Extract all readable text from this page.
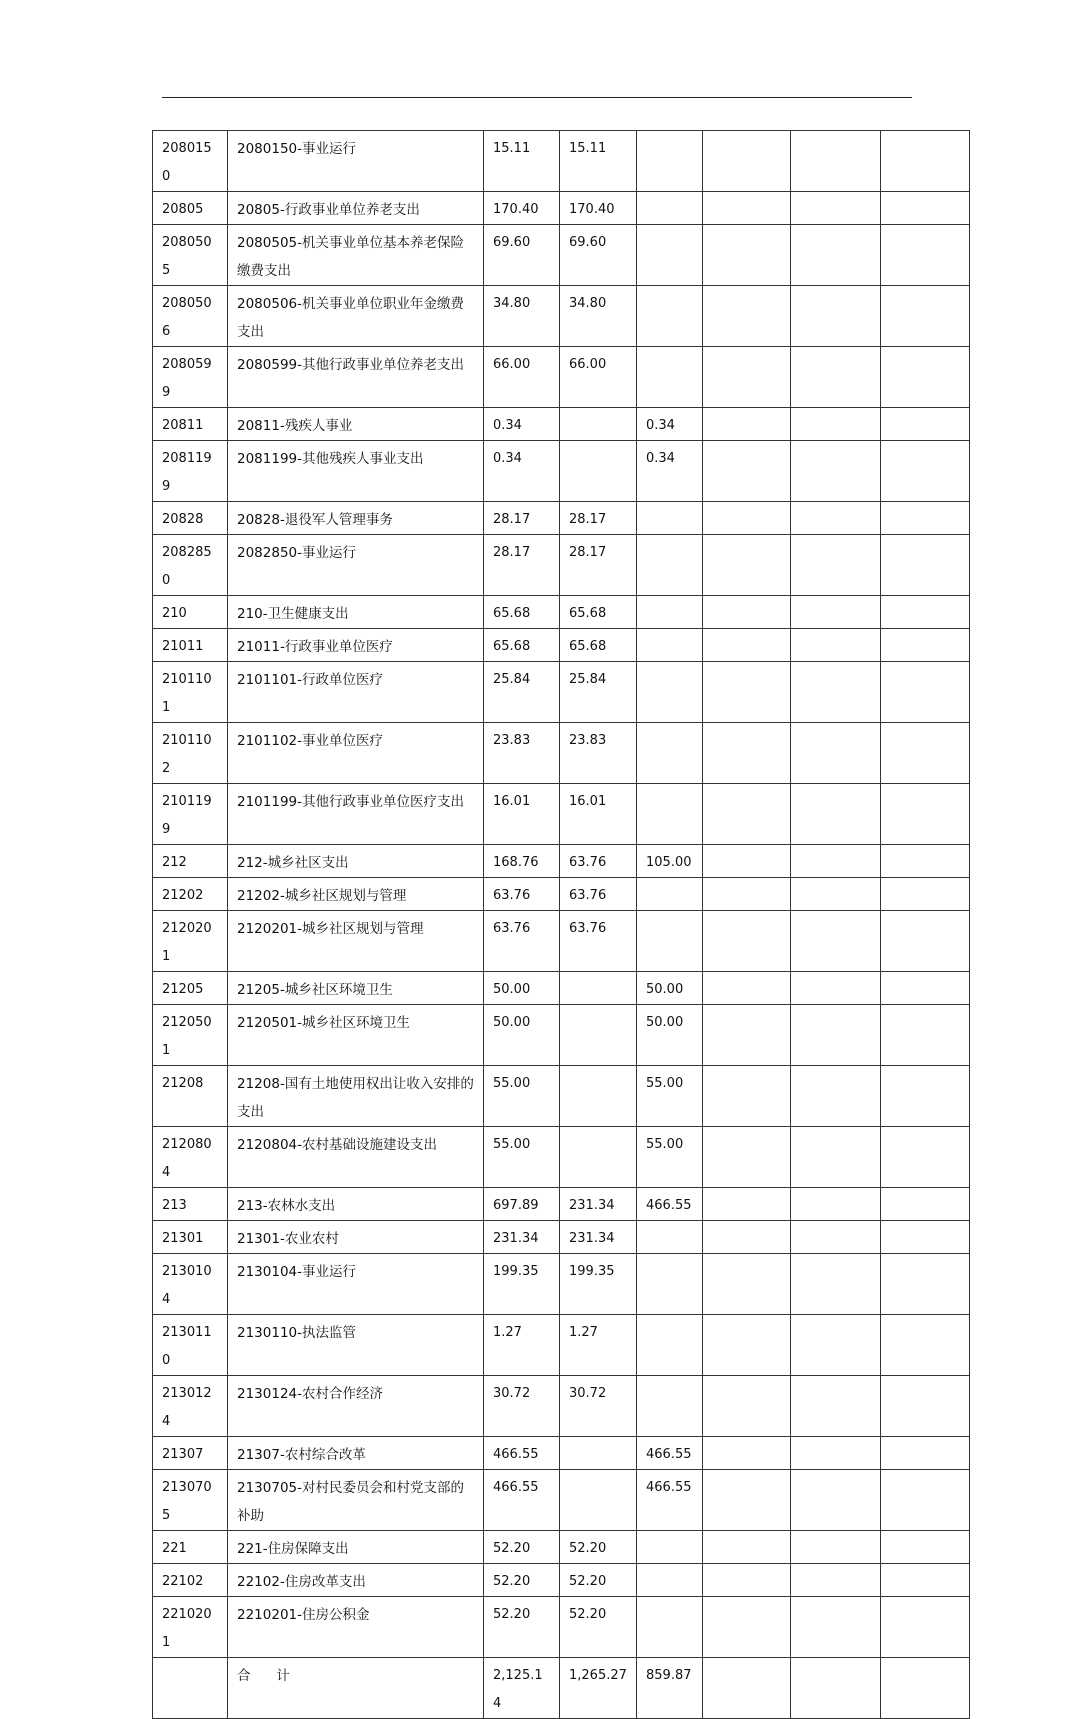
2080150	2080150-事业运行	15.11	15.11				
20805	20805-行政事业单位养老支出	170.40	170.40				
2080505	2080505-机关事业单位基本养老保险缴费支出	69.60	69.60				
2080506	2080506-机关事业单位职业年金缴费支出	34.80	34.80				
2080599	2080599-其他行政事业单位养老支出	66.00	66.00				
20811	20811-残疾人事业	0.34		0.34			
2081199	2081199-其他残疾人事业支出	0.34		0.34			
20828	20828-退役军人管理事务	28.17	28.17				
2082850	2082850-事业运行	28.17	28.17				
210	210-卫生健康支出	65.68	65.68				
21011	21011-行政事业单位医疗	65.68	65.68				
2101101	2101101-行政单位医疗	25.84	25.84				
2101102	2101102-事业单位医疗	23.83	23.83				
2101199	2101199-其他行政事业单位医疗支出	16.01	16.01				
212	212-城乡社区支出	168.76	63.76	105.00			
21202	21202-城乡社区规划与管理	63.76	63.76				
2120201	2120201-城乡社区规划与管理	63.76	63.76				
21205	21205-城乡社区环境卫生	50.00		50.00			
2120501	2120501-城乡社区环境卫生	50.00		50.00			
21208	21208-国有土地使用权出让收入安排的支出	55.00		55.00			
2120804	2120804-农村基础设施建设支出	55.00		55.00			
213	213-农林水支出	697.89	231.34	466.55			
21301	21301-农业农村	231.34	231.34				
2130104	2130104-事业运行	199.35	199.35				
2130110	2130110-执法监管	1.27	1.27				
2130124	2130124-农村合作经济	30.72	30.72				
21307	21307-农村综合改革	466.55		466.55			
2130705	2130705-对村民委员会和村党支部的补助	466.55		466.55			
221	221-住房保障支出	52.20	52.20				
22102	22102-住房改革支出	52.20	52.20				
2210201	2210201-住房公积金	52.20	52.20				
	合      计	2,125.14	1,265.27	859.87			
